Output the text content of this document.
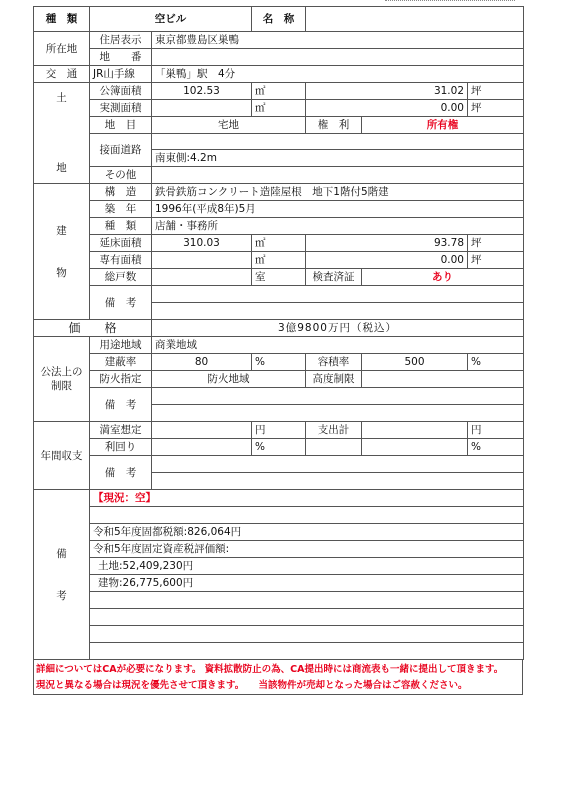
種　類	空ビル		名　称			
所在地	住居表示	東京都豊島区巣鴨				
	地　　番					
交　通	JR山手線	「巣鴨」駅　4分				
土

地	公簿面積	102.53	㎡	31.02		坪
	実測面積		㎡	0.00		坪
	地　目	宅地		権　利	所有権	
	接面道路					
		南東側:4.2m				
	その他					
建

物	構　造	鉄骨鉄筋コンクリート造陸屋根　地下1階付5階建				
	築　年	1996年(平成8年)5月				
	種　類	店舗・事務所				
	延床面積	310.03	㎡	93.78		坪
	専有面積		㎡	0.00		坪
	総戸数		室	検査済証	あり	
	備　考					

価　　格		3億9800万円（税込）				
公法上の制限	用途地域	商業地域				
	建蔽率	80	%	容積率	500	%
	防火指定	防火地域		高度制限		
	備　考					

年間収支	満室想定		円	支出計		円
	利回り		%			%
	備　考					

備

考	【現況：空】					

	令和5年度固都税額:826,064円					
	令和5年度固定資産税評価額:					
	土地:52,409,230円					
	建物:26,775,600円					

詳細についてはCAが必要になります。 資料拡散防止の為、CA提出時には商流表も一緒に提出して頂きます。
現況と異なる場合は現況を優先させて頂きます。　　当該物件が売却となった場合はご容赦ください。
